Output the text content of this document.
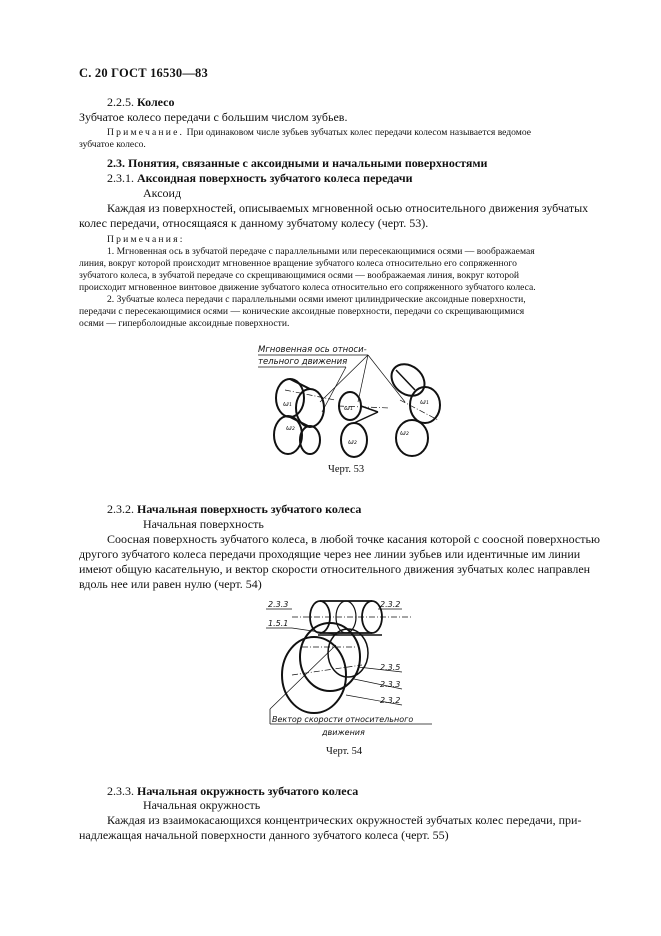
С. 20 ГОСТ 16530—83
2.2.5. Колесо
Зубчатое колесо передачи с большим числом зубьев.
Примечание. При одинаковом числе зубьев зубчатых колес передачи колесом называется ведомое
зубчатое колесо.
2.3. Понятия, связанные с аксоидными и начальными поверхностями
2.3.1. Аксоидная поверхность зубчатого колеса передачи
Аксоид
Каждая из поверхностей, описываемых мгновенной осью относительного движения зубчатых
колес передачи, относящаяся к данному зубчатому колесу (черт. 53).
Примечания:
1. Мгновенная ось в зубчатой передаче с параллельными или пересекающимися осями — воображаемая
линия, вокруг которой происходит мгновенное вращение зубчатого колеса относительно его сопряженного
зубчатого колеса, в зубчатой передаче со скрещивающимися осями — воображаемая линия, вокруг которой
происходит мгновенное винтовое движение зубчатого колеса относительно его сопряженного зубчатого колеса.
2. Зубчатые колеса передачи с параллельными осями имеют цилиндрические аксоидные поверхности,
передачи с пересекающимися осями — конические аксоидные поверхности, передачи со скрещивающимися
осями — гиперболоидные аксоидные поверхности.
Мгновенная ось относи-
тельного движения
ω₁
ω₂
ω₁
ω₂
ω₁
ω₂
Черт. 53
2.3.2. Начальная поверхность зубчатого колеса
Начальная поверхность
Соосная поверхность зубчатого колеса, в любой точке касания которой с соосной поверхностью
другого зубчатого колеса передачи проходящие через нее линии зубьев или идентичные им линии
имеют общую касательную, и вектор скорости относительного движения зубчатых колес направлен
вдоль нее или равен нулю (черт. 54)
2.3.3	2.3.2
1.5.1
2.3.5
2.3.3
2.3.2
Вектор скорости относительного
движения
Черт. 54
2.3.3. Начальная окружность зубчатого колеса
Начальная окружность
Каждая из взаимокасающихся концентрических окружностей зубчатых колес передачи, при-
надлежащая начальной поверхности данного зубчатого колеса (черт. 55)
